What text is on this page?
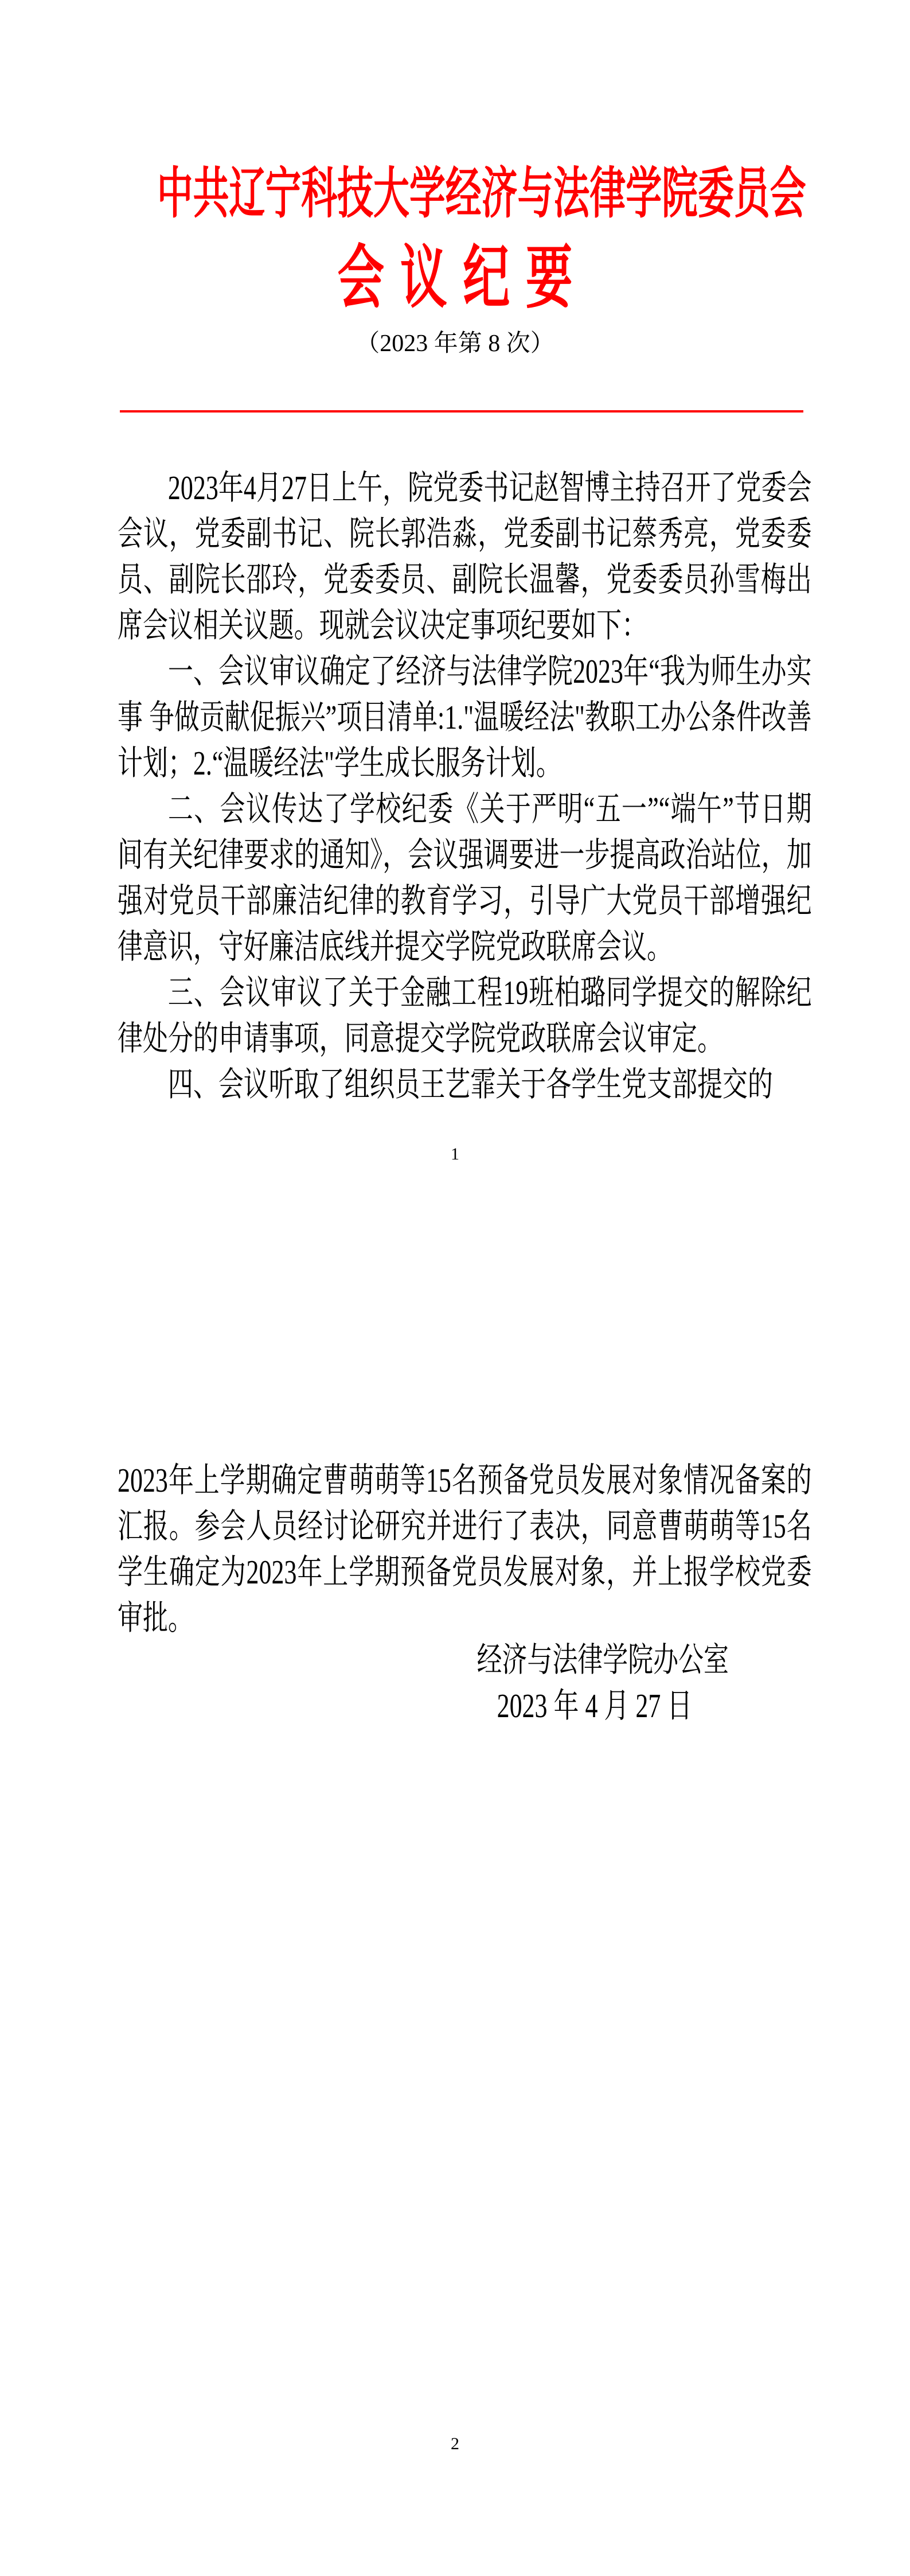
中共辽宁科技大学经济与法律学院委员会
会议纪要
（2023 年第 8 次）

2023年4月27日上午，院党委书记赵智博主持召开了党委会会议，党委副书记、院长郭浩淼，党委副书记蔡秀亮，党委委员、副院长邵玲，党委委员、副院长温馨，党委委员孙雪梅出席会议相关议题。现就会议决定事项纪要如下：

一、会议审议确定了经济与法律学院2023年“我为师生办实事 争做贡献促振兴”项目清单:1."温暖经法"教职工办公条件改善计划；2.“温暖经法"学生成长服务计划。

二、会议传达了学校纪委《关于严明“五一”“端午”节日期间有关纪律要求的通知》，会议强调要进一步提高政治站位，加强对党员干部廉洁纪律的教育学习，引导广大党员干部增强纪律意识，守好廉洁底线并提交学院党政联席会议。

三、会议审议了关于金融工程19班柏璐同学提交的解除纪律处分的申请事项，同意提交学院党政联席会议审定。

四、会议听取了组织员王艺霏关于各学生党支部提交的

1

2023年上学期确定曹萌萌等15名预备党员发展对象情况备案的汇报。参会人员经讨论研究并进行了表决，同意曹萌萌等15名学生确定为2023年上学期预备党员发展对象，并上报学校党委审批。

经济与法律学院办公室
2023 年 4 月 27 日
2
